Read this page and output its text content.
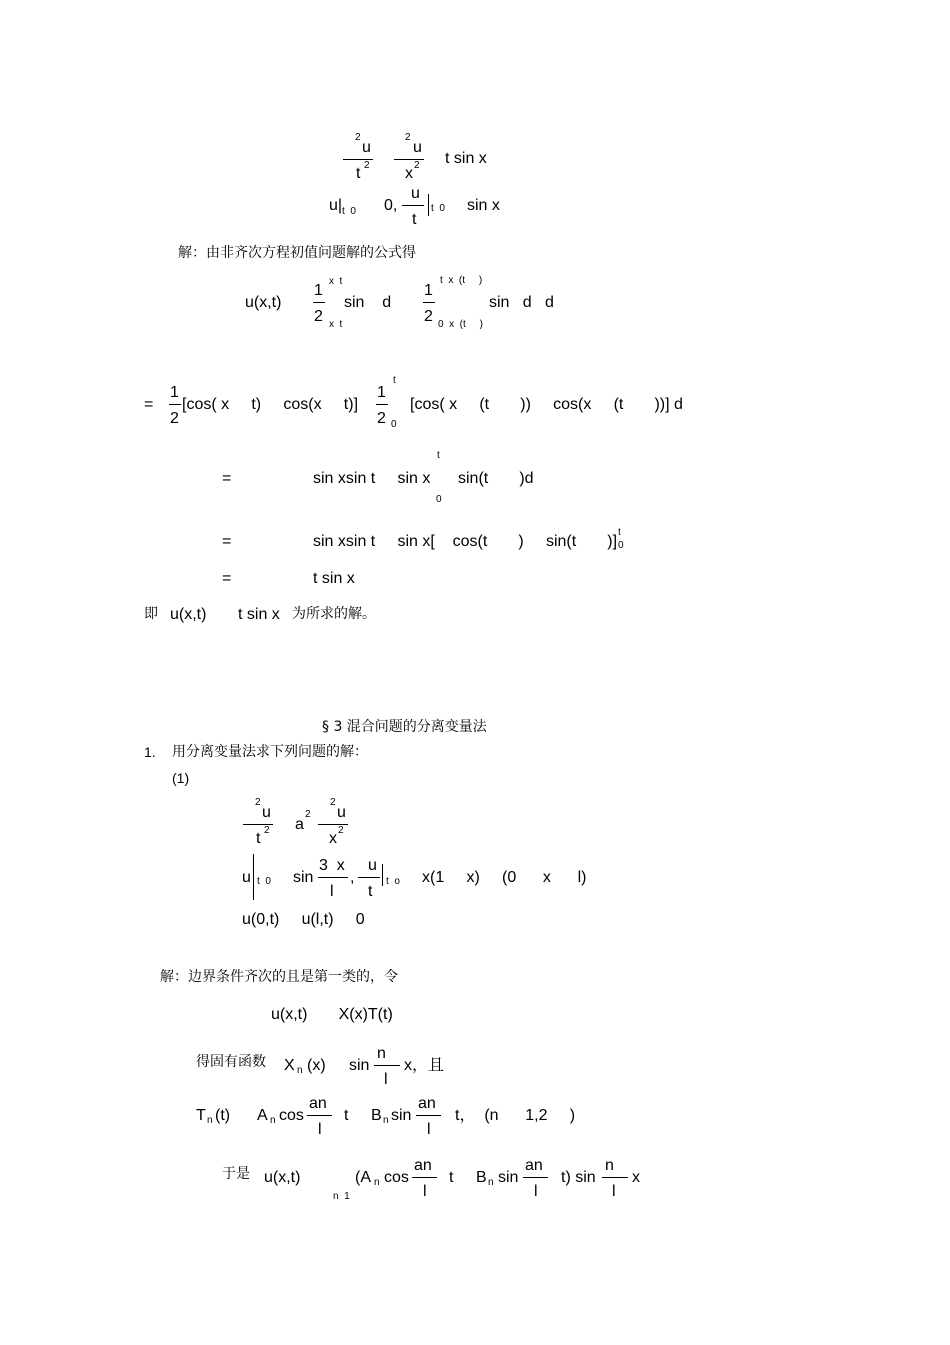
2
u
t 2
2
u
x 2 t sin x
u| t  0 0,
u
t
t  0 sin x
解：由非齐次方程初值问题解的公式得
u(x,t)
1
2
x  t
x  t
sin    d
1
2
t  x  (t     )
0  x  (t     )
sin   d   d
=
1
2
[cos( x     t)     cos(x     t)]
1
2
t
0
[cos( x     (t       ))     cos(x     (t       ))] d
=	sin xsin t     sin x
t
0
sin(t       )d
=	sin xsin t     sin x[    cos(t       )     sin(t       )]
t
0
=	t sin x
即 u(x,t) t sin x 为所求的解。
§ 3 混合问题的分离变量法
1. 用分离变量法求下列问题的解：
(1)
2
u
t 2 a
2
2
u
x 2
u t  0 sin
3  x
l
,
u
t
t  o x(1     x)     (0      x      l)
u(0,t)     u(l,t)     0
解：边界条件齐次的且是第一类的，令
u(x,t)       X(x)T(t)
得固有函数 X n (x) sin
n
l
x，且
T n (t) A n cos
an
l
t B n sin
an
l
t，  (n      1,2     )
于是 u(x,t)
n  1
(A n cos
an
l
t B n sin
an
l
t) sin
n
l
x
